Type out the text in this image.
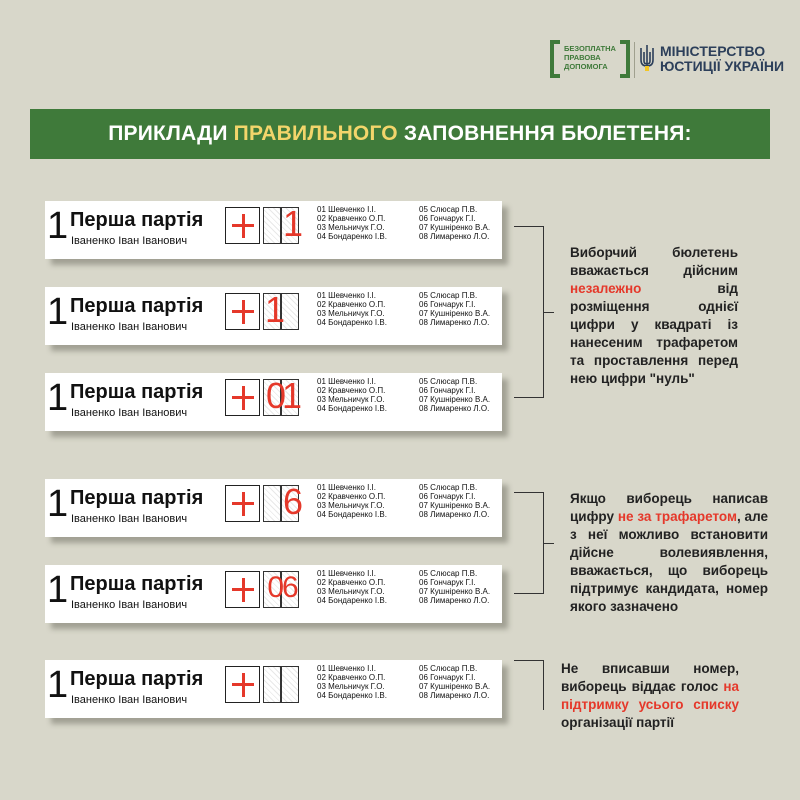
БЕЗОПЛАТНА ПРАВОВА ДОПОМОГА
МІНІСТЕРСТВО
ЮСТИЦІЇ УКРАЇНИ
ПРИКЛАДИ ПРАВИЛЬНОГО ЗАПОВНЕННЯ БЮЛЕТЕНЯ:
1 Перша партія
Іваненко Іван Іванович	1	01 Шевченко І.І.
02 Кравченко О.П.
03 Мельничук Г.О.
04 Бондаренко І.В.
05 Слюсар П.В.
06 Гончарук Г.І.
07 Кушніренко В.А.
08 Лимаренко Л.О.
1 Перша партія
Іваненко Іван Іванович 1	01 Шевченко І.І.
02 Кравченко О.П.
03 Мельничук Г.О.
04 Бондаренко І.В.
05 Слюсар П.В.
06 Гончарук Г.І.
07 Кушніренко В.А.
08 Лимаренко Л.О.
1 Перша партія
Іваненко Іван Іванович 01 01 Шевченко І.І.
02 Кравченко О.П.
03 Мельничук Г.О.
04 Бондаренко І.В.
05 Слюсар П.В.
06 Гончарук Г.І.
07 Кушніренко В.А.
08 Лимаренко Л.О.
1 Перша партія
Іваненко Іван Іванович	6	01 Шевченко І.І.
02 Кравченко О.П.
03 Мельничук Г.О.
04 Бондаренко І.В.
05 Слюсар П.В.
06 Гончарук Г.І.
07 Кушніренко В.А.
08 Лимаренко Л.О.
1 Перша партія
Іваненко Іван Іванович
06	01 Шевченко І.І.
02 Кравченко О.П.
03 Мельничук Г.О.
04 Бондаренко І.В.
05 Слюсар П.В.
06 Гончарук Г.І.
07 Кушніренко В.А.
08 Лимаренко Л.О.
1 Перша партія
Іваненко Іван Іванович
01 Шевченко І.І.
02 Кравченко О.П.
03 Мельничук Г.О.
04 Бондаренко І.В.
05 Слюсар П.В.
06 Гончарук Г.І.
07 Кушніренко В.А.
08 Лимаренко Л.О.
Виборчий бюлетень вважається дійсним незалежно від розміщення однієї цифри у квадраті із нанесеним трафаретом та проставлення перед нею цифри "нуль"
Якщо виборець написав цифру не за трафаретом, але з неї можливо встановити дійсне волевиявлення, вважається, що виборець підтримує кандидата, номер якого зазначено
Не вписавши номер, виборець віддає голос на підтримку усього списку організації партії
